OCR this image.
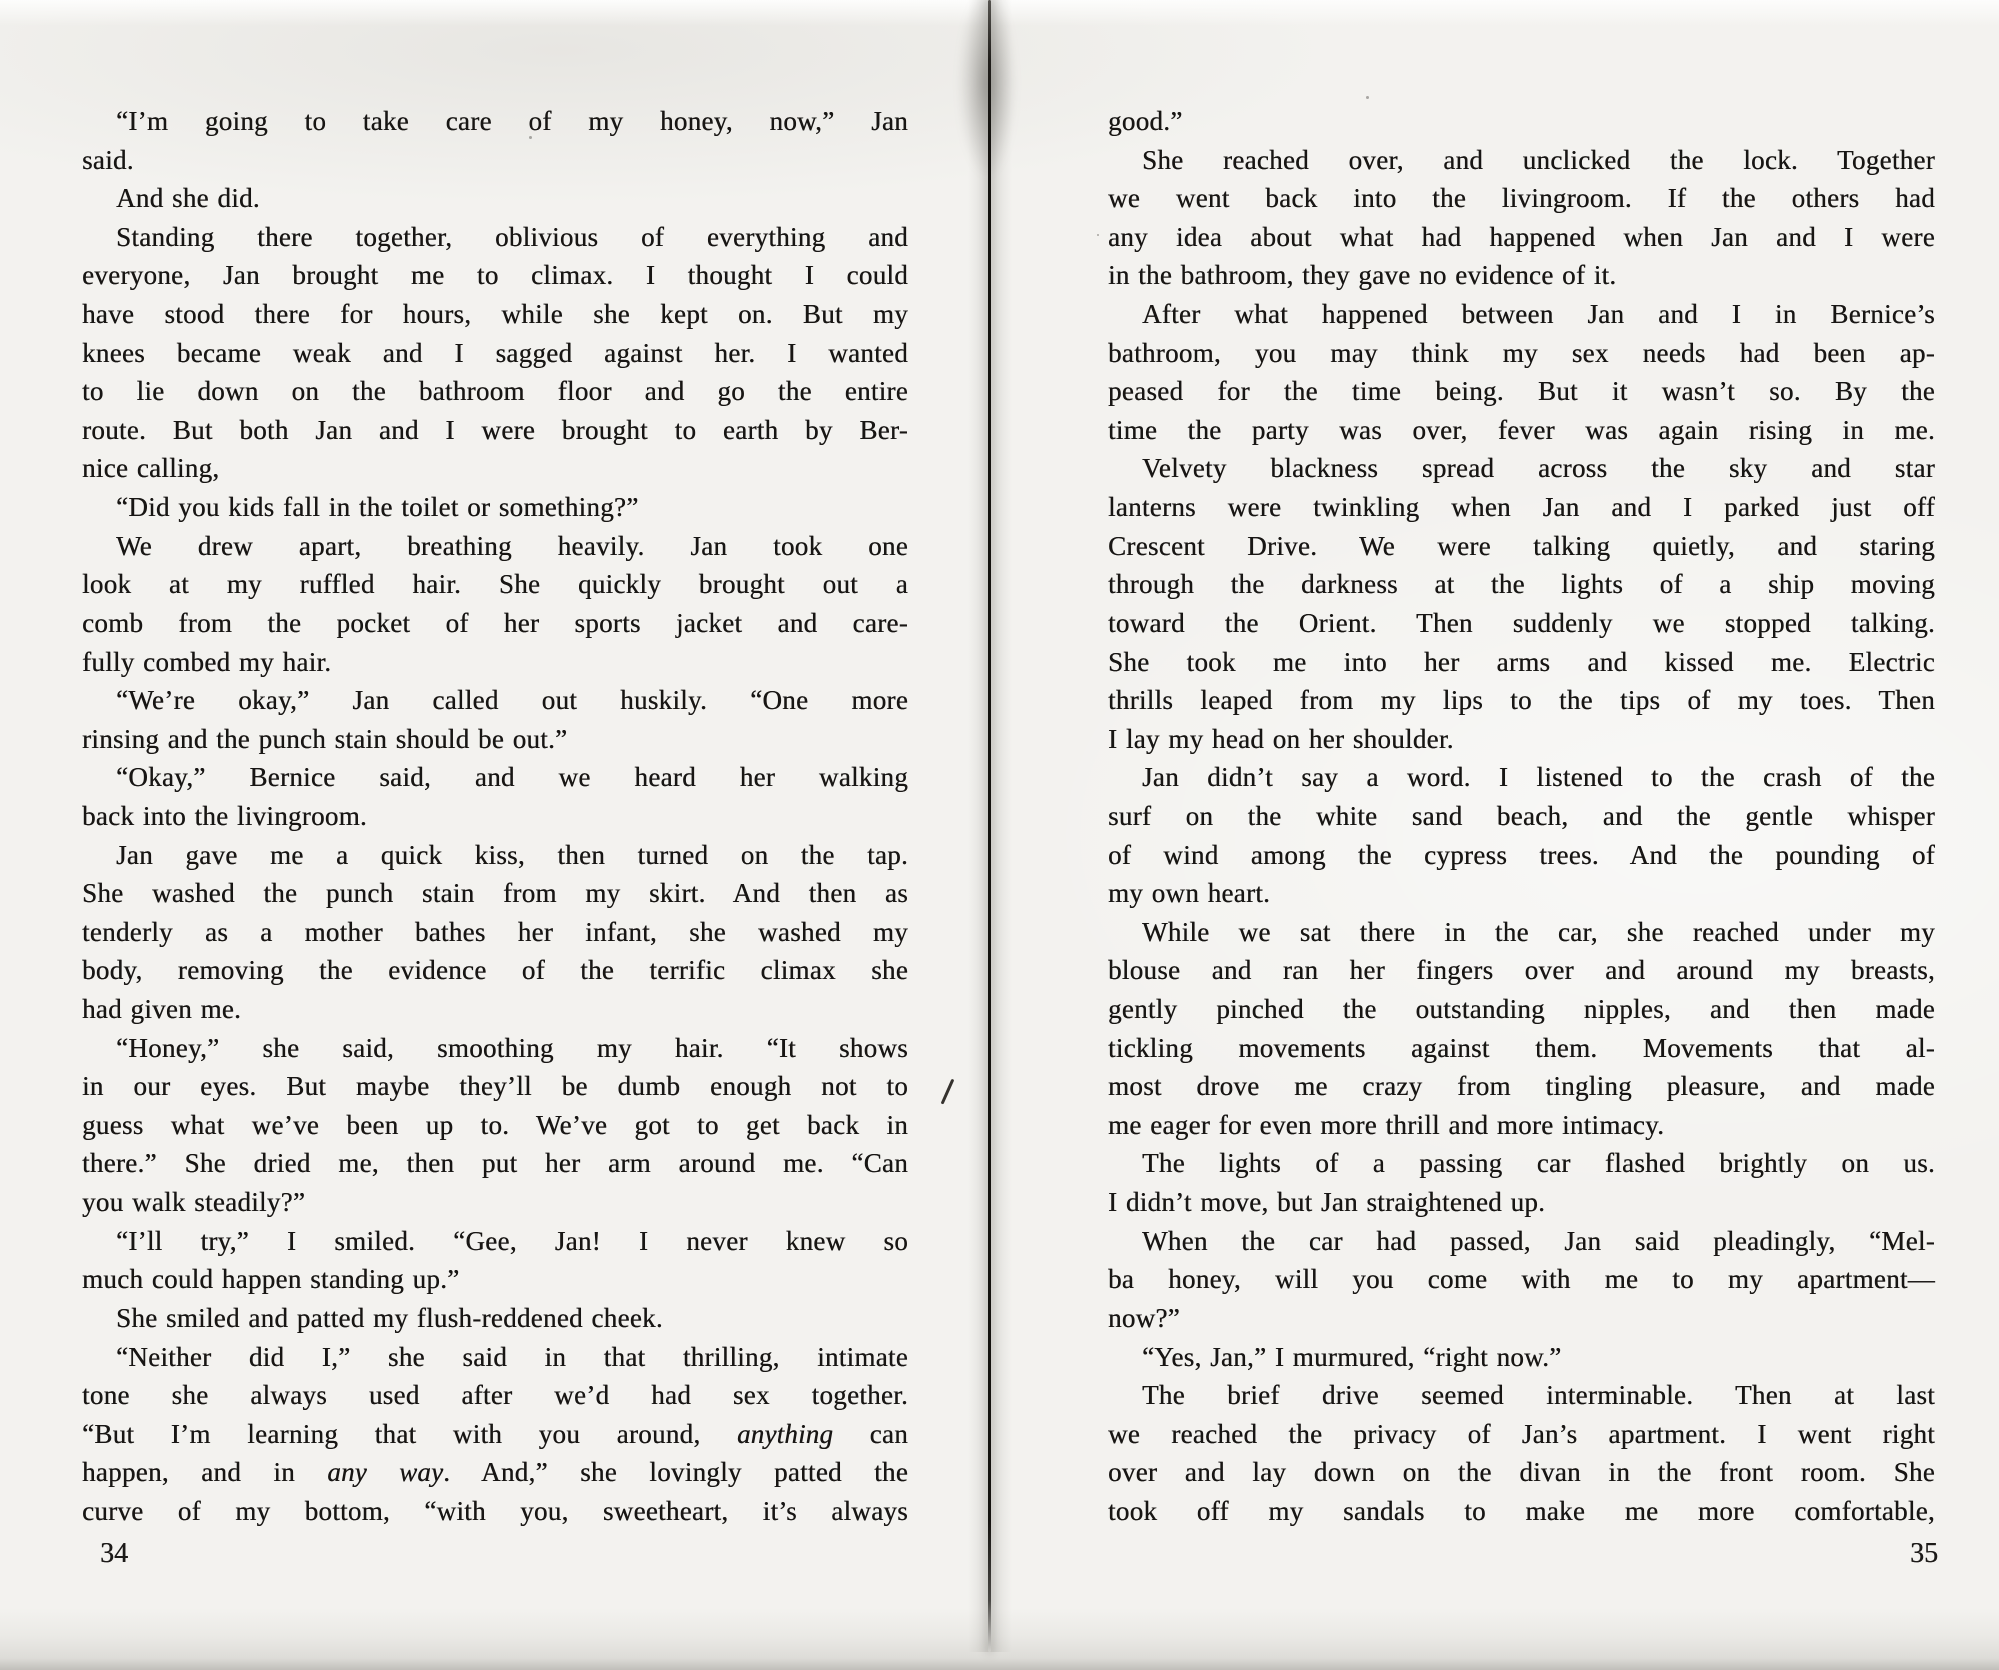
“I’m going to take care of my honey, now,” Jan
said.
And she did.
Standing there together, oblivious of everything and
everyone, Jan brought me to climax. I thought I could
have stood there for hours, while she kept on. But my
knees became weak and I sagged against her. I wanted
to lie down on the bathroom floor and go the entire
route. But both Jan and I were brought to earth by Ber-
nice calling,
“Did you kids fall in the toilet or something?”
We drew apart, breathing heavily. Jan took one
look at my ruffled hair. She quickly brought out a
comb from the pocket of her sports jacket and care-
fully combed my hair.
“We’re okay,” Jan called out huskily. “One more
rinsing and the punch stain should be out.”
“Okay,” Bernice said, and we heard her walking
back into the livingroom.
Jan gave me a quick kiss, then turned on the tap.
She washed the punch stain from my skirt. And then as
tenderly as a mother bathes her infant, she washed my
body, removing the evidence of the terrific climax she
had given me.
“Honey,” she said, smoothing my hair. “It shows
in our eyes. But maybe they’ll be dumb enough not to
guess what we’ve been up to. We’ve got to get back in
there.” She dried me, then put her arm around me. “Can
you walk steadily?”
“I’ll try,” I smiled. “Gee, Jan! I never knew so
much could happen standing up.”
She smiled and patted my flush-reddened cheek.
“Neither did I,” she said in that thrilling, intimate
tone she always used after we’d had sex together.
“But I’m learning that with you around, anything can
happen, and in any way. And,” she lovingly patted the
curve of my bottom, “with you, sweetheart, it’s always
good.”
She reached over, and unclicked the lock. Together
we went back into the livingroom. If the others had
any idea about what had happened when Jan and I were
in the bathroom, they gave no evidence of it.
After what happened between Jan and I in Bernice’s
bathroom, you may think my sex needs had been ap-
peased for the time being. But it wasn’t so. By the
time the party was over, fever was again rising in me.
Velvety blackness spread across the sky and star
lanterns were twinkling when Jan and I parked just off
Crescent Drive. We were talking quietly, and staring
through the darkness at the lights of a ship moving
toward the Orient. Then suddenly we stopped talking.
She took me into her arms and kissed me. Electric
thrills leaped from my lips to the tips of my toes. Then
I lay my head on her shoulder.
Jan didn’t say a word. I listened to the crash of the
surf on the white sand beach, and the gentle whisper
of wind among the cypress trees. And the pounding of
my own heart.
While we sat there in the car, she reached under my
blouse and ran her fingers over and around my breasts,
gently pinched the outstanding nipples, and then made
tickling movements against them. Movements that al-
most drove me crazy from tingling pleasure, and made
me eager for even more thrill and more intimacy.
The lights of a passing car flashed brightly on us.
I didn’t move, but Jan straightened up.
When the car had passed, Jan said pleadingly, “Mel-
ba honey, will you come with me to my apartment—
now?”
“Yes, Jan,” I murmured, “right now.”
The brief drive seemed interminable. Then at last
we reached the privacy of Jan’s apartment. I went right
over and lay down on the divan in the front room. She
took off my sandals to make me more comfortable,
34	35
